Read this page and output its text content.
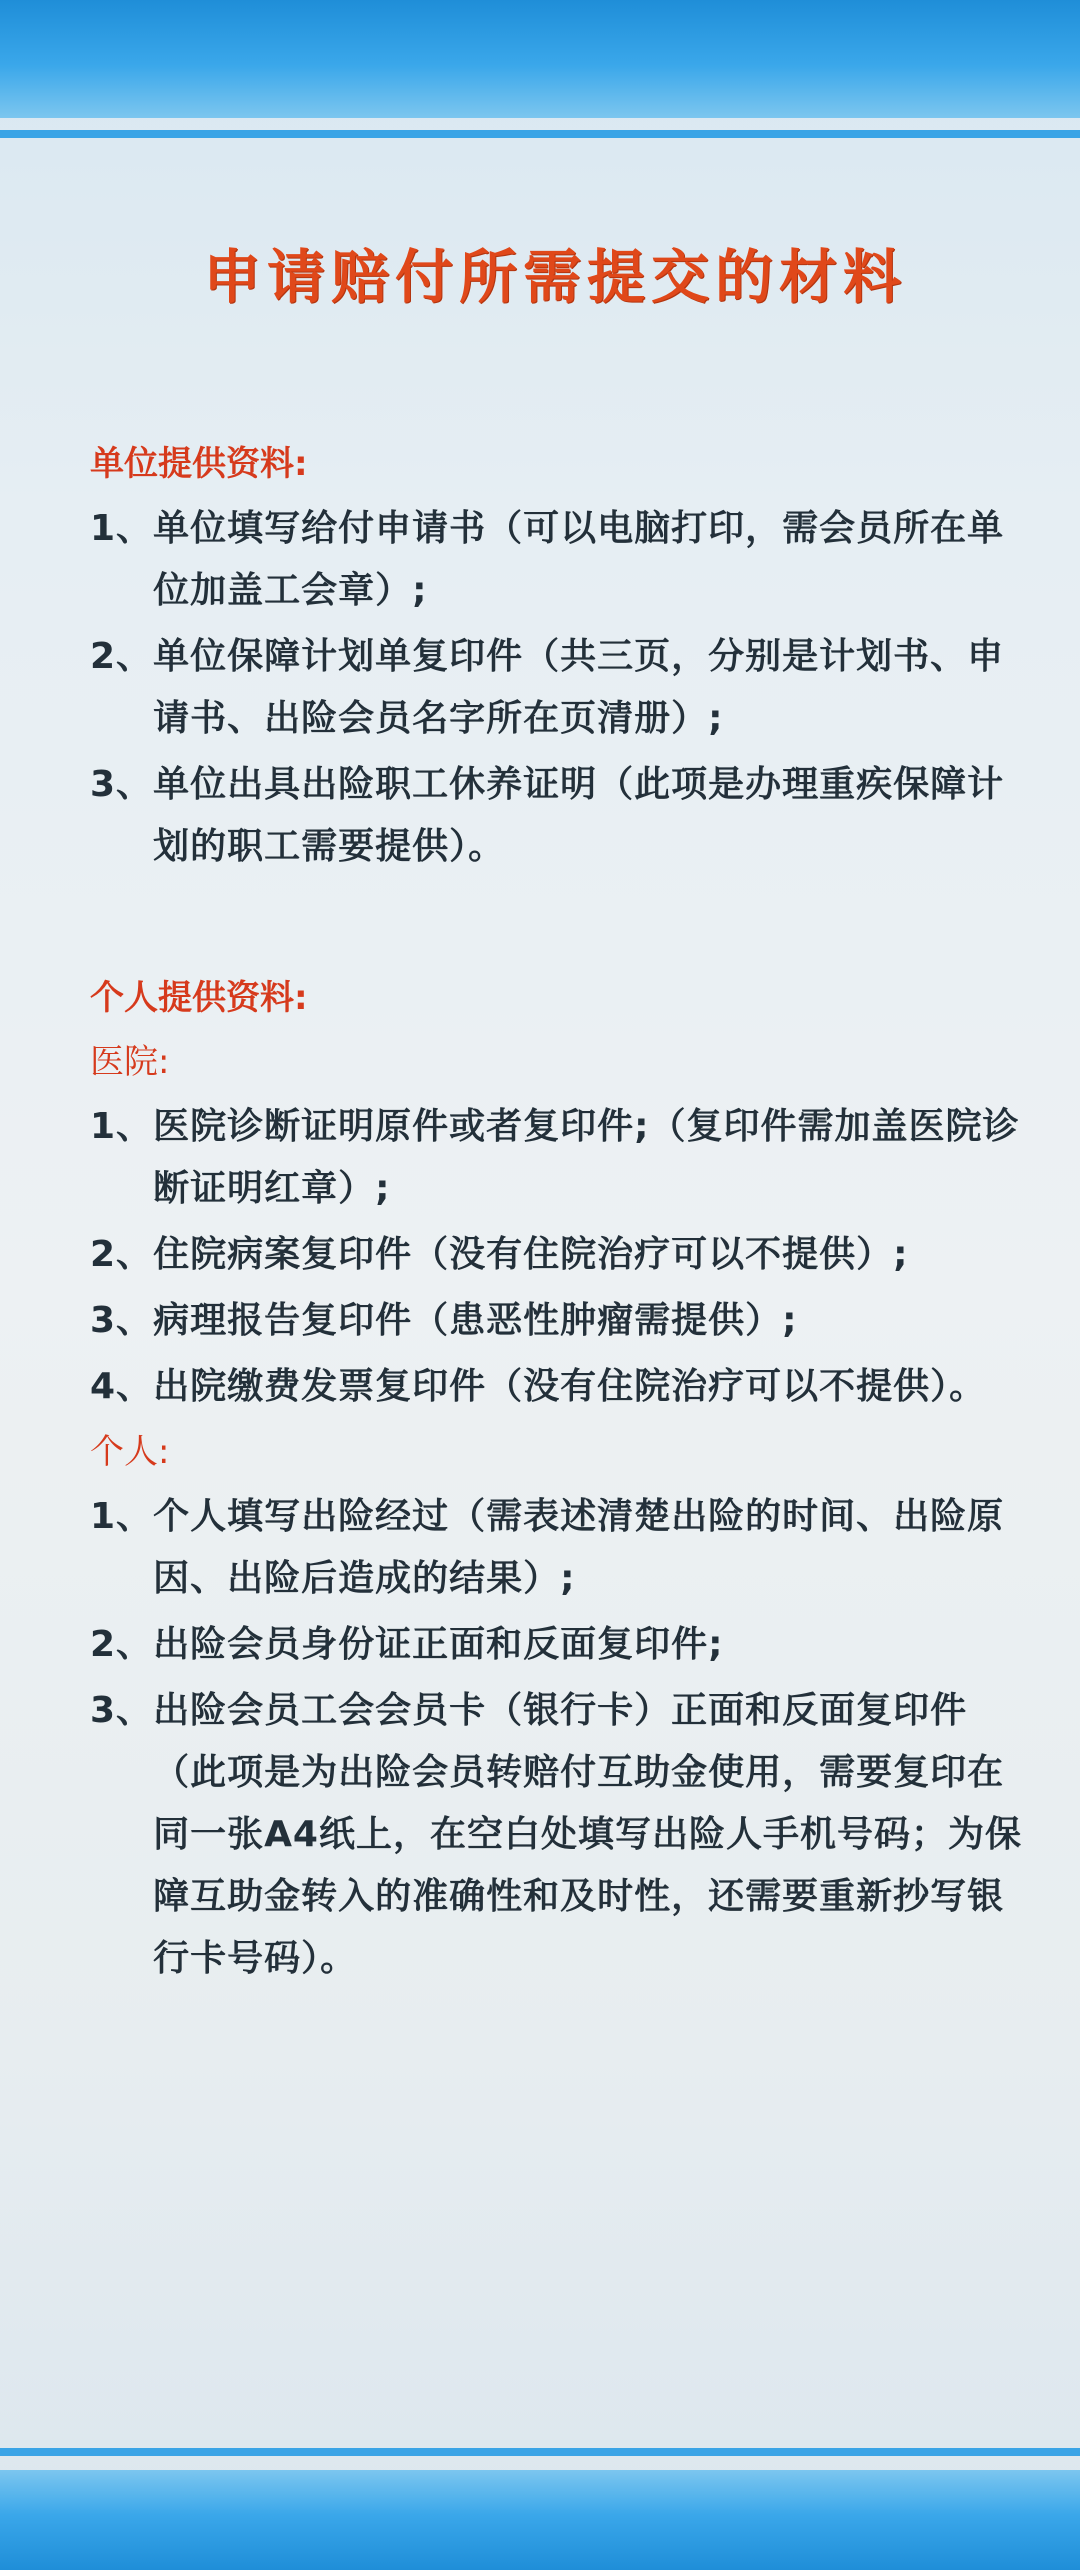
申请赔付所需提交的材料
单位提供资料:
1、 单位填写给付申请书（可以电脑打印，需会员所在单位加盖工会章）;
2、 单位保障计划单复印件（共三页，分别是计划书、申请书、出险会员名字所在页清册）;
3、 单位出具出险职工休养证明（此项是办理重疾保障计划的职工需要提供）。
个人提供资料:
医院:
1、 医院诊断证明原件或者复印件;（复印件需加盖医院诊断证明红章）;
2、 住院病案复印件（没有住院治疗可以不提供）;
3、 病理报告复印件（患恶性肿瘤需提供）;
4、 出院缴费发票复印件（没有住院治疗可以不提供）。
个人:
1、 个人填写出险经过（需表述清楚出险的时间、出险原因、出险后造成的结果）;
2、 出险会员身份证正面和反面复印件;
3、 出险会员工会会员卡（银行卡）正面和反面复印件（此项是为出险会员转赔付互助金使用，需要复印在同一张A4纸上，在空白处填写出险人手机号码；为保障互助金转入的准确性和及时性，还需要重新抄写银行卡号码）。
